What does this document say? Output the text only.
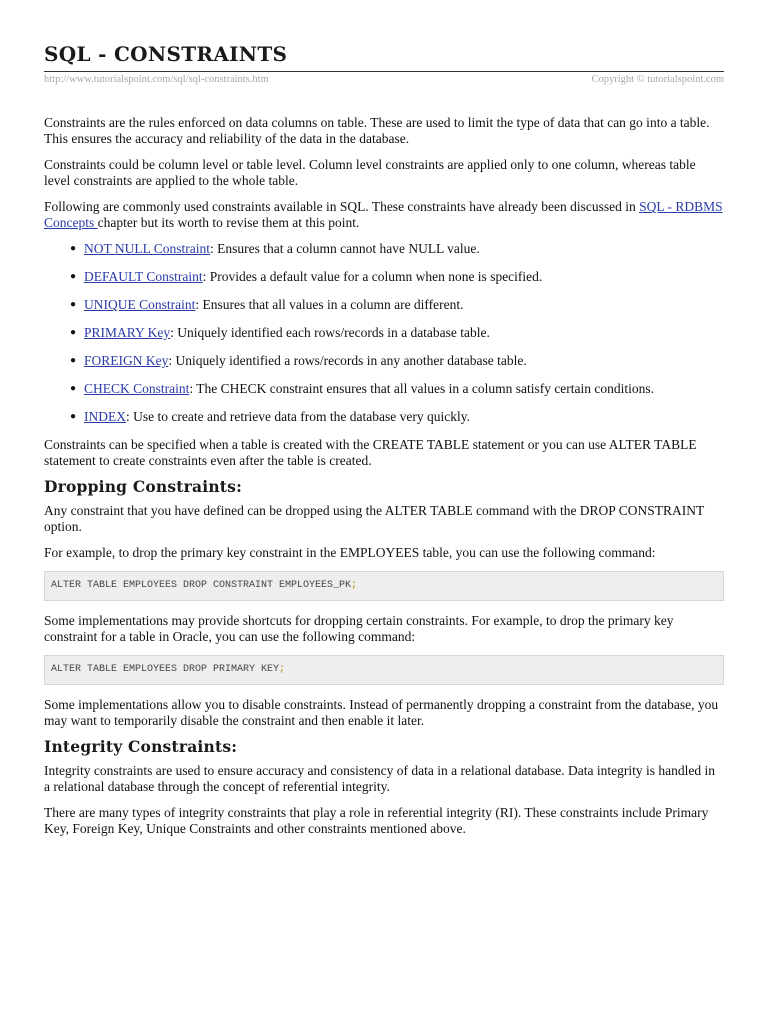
SQL - CONSTRAINTS
http://www.tutorialspoint.com/sql/sql-constraints.htm	Copyright © tutorialspoint.com

Constraints are the rules enforced on data columns on table. These are used to limit the type of data that can go into a table. This ensures the accuracy and reliability of the data in the database.

Constraints could be column level or table level. Column level constraints are applied only to one column, whereas table level constraints are applied to the whole table.

Following are commonly used constraints available in SQL. These constraints have already been discussed in SQL - RDBMS Concepts chapter but its worth to revise them at this point.

● NOT NULL Constraint: Ensures that a column cannot have NULL value.
● DEFAULT Constraint: Provides a default value for a column when none is specified.
● UNIQUE Constraint: Ensures that all values in a column are different.
● PRIMARY Key: Uniquely identified each rows/records in a database table.
● FOREIGN Key: Uniquely identified a rows/records in any another database table.
● CHECK Constraint: The CHECK constraint ensures that all values in a column satisfy certain conditions.
● INDEX: Use to create and retrieve data from the database very quickly.

Constraints can be specified when a table is created with the CREATE TABLE statement or you can use ALTER TABLE statement to create constraints even after the table is created.

Dropping Constraints:

Any constraint that you have defined can be dropped using the ALTER TABLE command with the DROP CONSTRAINT option.

For example, to drop the primary key constraint in the EMPLOYEES table, you can use the following command:

ALTER TABLE EMPLOYEES DROP CONSTRAINT EMPLOYEES_PK;

Some implementations may provide shortcuts for dropping certain constraints. For example, to drop the primary key constraint for a table in Oracle, you can use the following command:

ALTER TABLE EMPLOYEES DROP PRIMARY KEY;

Some implementations allow you to disable constraints. Instead of permanently dropping a constraint from the database, you may want to temporarily disable the constraint and then enable it later.

Integrity Constraints:

Integrity constraints are used to ensure accuracy and consistency of data in a relational database. Data integrity is handled in a relational database through the concept of referential integrity.

There are many types of integrity constraints that play a role in referential integrity (RI). These constraints include Primary Key, Foreign Key, Unique Constraints and other constraints mentioned above.
